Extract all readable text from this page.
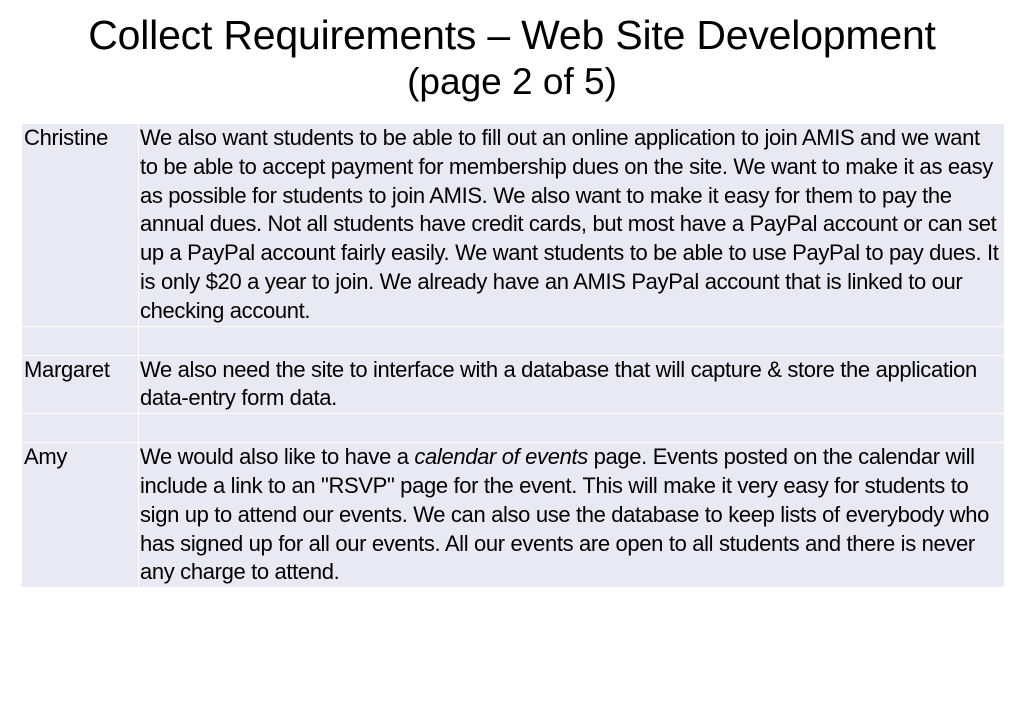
Collect Requirements – Web Site Development
(page 2 of 5)
Christine	We also want students to be able to fill out an online application to join AMIS and we want to be able to accept payment for membership dues on the site. We want to make it as easy as possible for students to join AMIS. We also want to make it easy for them to pay the annual dues. Not all students have credit cards, but most have a PayPal account or can set up a PayPal account fairly easily. We want students to be able to use PayPal to pay dues. It is only $20 a year to join. We already have an AMIS PayPal account that is linked to our checking account.

Margaret	We also need the site to interface with a database that will capture & store the application data-entry form data.

Amy	We would also like to have a calendar of events page. Events posted on the calendar will include a link to an "RSVP" page for the event. This will make it very easy for students to sign up to attend our events. We can also use the database to keep lists of everybody who has signed up for all our events. All our events are open to all students and there is never any charge to attend.
